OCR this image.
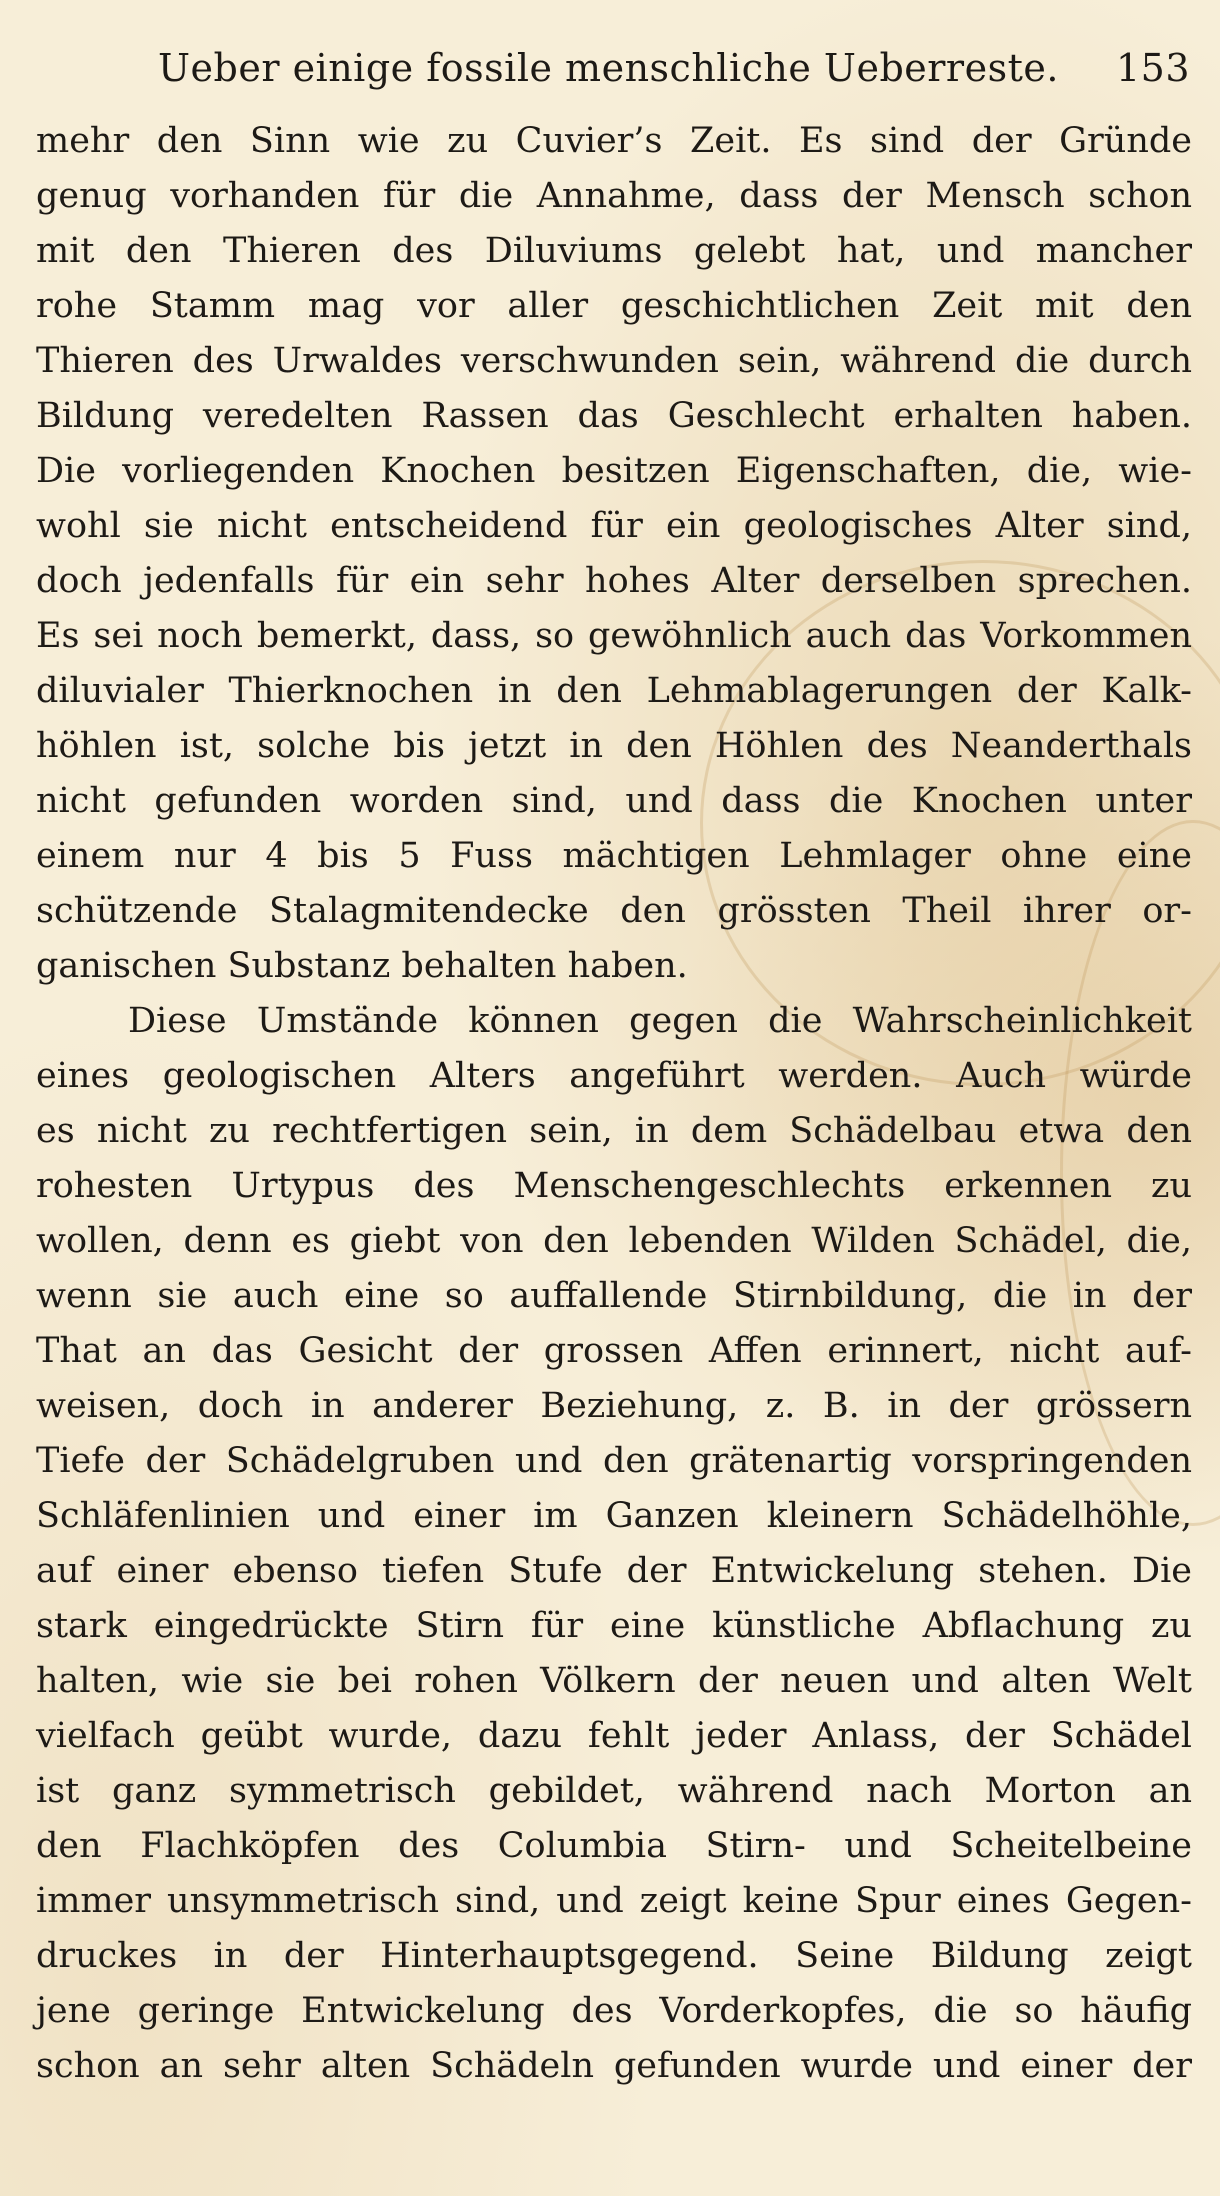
Ueber einige fossile menschliche Ueberreste. 153
mehr den Sinn wie zu Cuvier’s Zeit. Es sind der Gründe
genug vorhanden für die Annahme, dass der Mensch schon
mit den Thieren des Diluviums gelebt hat, und mancher
rohe Stamm mag vor aller geschichtlichen Zeit mit den
Thieren des Urwaldes verschwunden sein, während die durch
Bildung veredelten Rassen das Geschlecht erhalten haben.
Die vorliegenden Knochen besitzen Eigenschaften, die, wie-
wohl sie nicht entscheidend für ein geologisches Alter sind,
doch jedenfalls für ein sehr hohes Alter derselben sprechen.
Es sei noch bemerkt, dass, so gewöhnlich auch das Vorkommen
diluvialer Thierknochen in den Lehmablagerungen der Kalk-
höhlen ist, solche bis jetzt in den Höhlen des Neanderthals
nicht gefunden worden sind, und dass die Knochen unter
einem nur 4 bis 5 Fuss mächtigen Lehmlager ohne eine
schützende Stalagmitendecke den grössten Theil ihrer or-
ganischen Substanz behalten haben.
Diese Umstände können gegen die Wahrscheinlichkeit
eines geologischen Alters angeführt werden. Auch würde
es nicht zu rechtfertigen sein, in dem Schädelbau etwa den
rohesten Urtypus des Menschengeschlechts erkennen zu
wollen, denn es giebt von den lebenden Wilden Schädel, die,
wenn sie auch eine so auffallende Stirnbildung, die in der
That an das Gesicht der grossen Affen erinnert, nicht auf-
weisen, doch in anderer Beziehung, z. B. in der grössern
Tiefe der Schädelgruben und den grätenartig vorspringenden
Schläfenlinien und einer im Ganzen kleinern Schädelhöhle,
auf einer ebenso tiefen Stufe der Entwickelung stehen. Die
stark eingedrückte Stirn für eine künstliche Abflachung zu
halten, wie sie bei rohen Völkern der neuen und alten Welt
vielfach geübt wurde, dazu fehlt jeder Anlass, der Schädel
ist ganz symmetrisch gebildet, während nach Morton an
den Flachköpfen des Columbia Stirn- und Scheitelbeine
immer unsymmetrisch sind, und zeigt keine Spur eines Gegen-
druckes in der Hinterhauptsgegend. Seine Bildung zeigt
jene geringe Entwickelung des Vorderkopfes, die so häufig
schon an sehr alten Schädeln gefunden wurde und einer der
